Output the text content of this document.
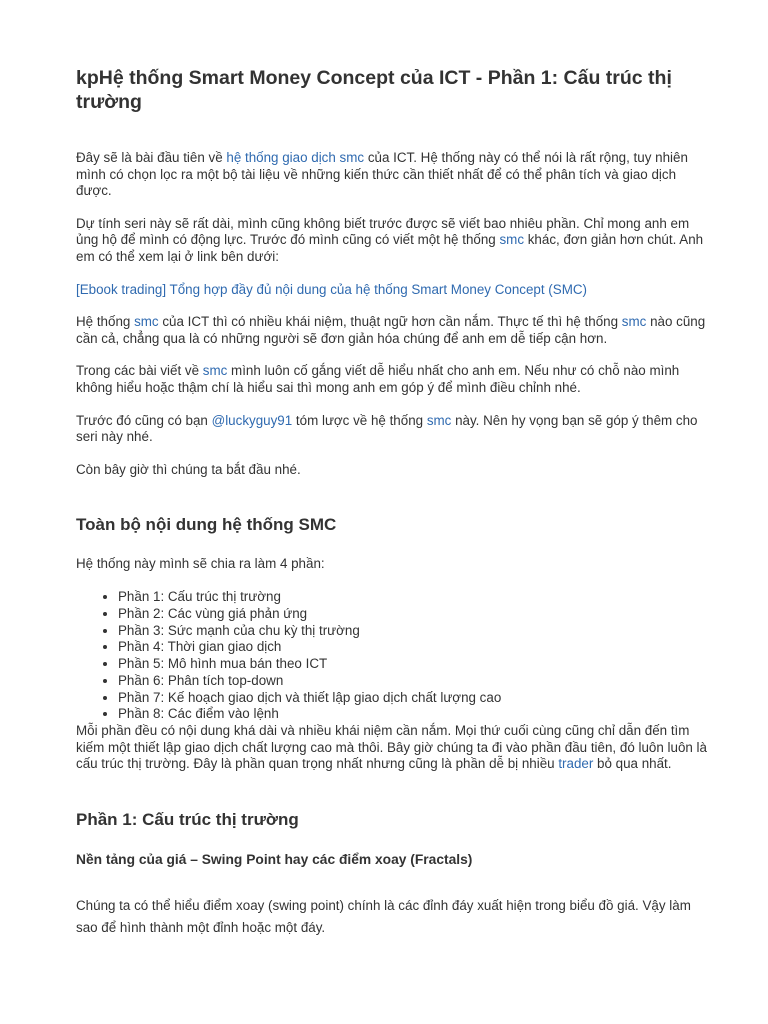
kpHệ thống Smart Money Concept của ICT - Phần 1: Cấu trúc thị trường

Đây sẽ là bài đầu tiên về hệ thống giao dịch smc của ICT. Hệ thống này có thể nói là rất rộng, tuy nhiên mình có chọn lọc ra một bộ tài liệu về những kiến thức cần thiết nhất để có thể phân tích và giao dịch được.

Dự tính seri này sẽ rất dài, mình cũng không biết trước được sẽ viết bao nhiêu phần. Chỉ mong anh em ủng hộ để mình có động lực. Trước đó mình cũng có viết một hệ thống smc khác, đơn giản hơn chút. Anh em có thể xem lại ở link bên dưới:

[Ebook trading] Tổng hợp đầy đủ nội dung của hệ thống Smart Money Concept (SMC)

Hệ thống smc của ICT thì có nhiều khái niệm, thuật ngữ hơn cần nắm. Thực tế thì hệ thống smc nào cũng cần cả, chẳng qua là có những người sẽ đơn giản hóa chúng để anh em dễ tiếp cận hơn.

Trong các bài viết về smc mình luôn cố gắng viết dễ hiểu nhất cho anh em. Nếu như có chỗ nào mình không hiểu hoặc thậm chí là hiểu sai thì mong anh em góp ý để mình điều chỉnh nhé.

Trước đó cũng có bạn @luckyguy91 tóm lược về hệ thống smc này. Nên hy vọng bạn sẽ góp ý thêm cho seri này nhé.

Còn bây giờ thì chúng ta bắt đầu nhé.

Toàn bộ nội dung hệ thống SMC

Hệ thống này mình sẽ chia ra làm 4 phần:

• Phần 1: Cấu trúc thị trường
• Phần 2: Các vùng giá phản ứng
• Phần 3: Sức mạnh của chu kỳ thị trường
• Phần 4: Thời gian giao dịch
• Phần 5: Mô hình mua bán theo ICT
• Phần 6: Phân tích top-down
• Phần 7: Kế hoạch giao dịch và thiết lập giao dịch chất lượng cao
• Phần 8: Các điểm vào lệnh

Mỗi phần đều có nội dung khá dài và nhiều khái niệm cần nắm. Mọi thứ cuối cùng cũng chỉ dẫn đến tìm kiếm một thiết lập giao dịch chất lượng cao mà thôi. Bây giờ chúng ta đi vào phần đầu tiên, đó luôn luôn là cấu trúc thị trường. Đây là phần quan trọng nhất nhưng cũng là phần dễ bị nhiều trader bỏ qua nhất.

Phần 1: Cấu trúc thị trường
Nền tảng của giá – Swing Point hay các điểm xoay (Fractals)

Chúng ta có thể hiểu điểm xoay (swing point) chính là các đỉnh đáy xuất hiện trong biểu đồ giá. Vậy làm sao để hình thành một đỉnh hoặc một đáy.
